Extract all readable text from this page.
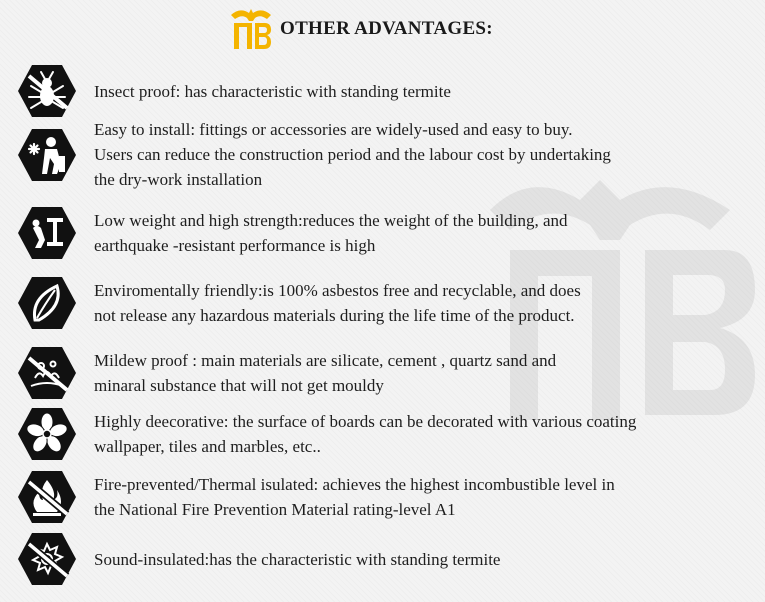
OTHER ADVANTAGES:
Insect proof: has characteristic with standing termite
Easy to install: fittings or accessories are widely-used and easy to buy.
Users can reduce the construction period and the labour cost by undertaking
the dry-work installation
Low weight and high strength:reduces the weight of the building, and
earthquake -resistant performance is high
Enviromentally friendly:is 100% asbestos free and recyclable, and does
not release any hazardous materials during the life time of the product.
Mildew proof : main materials are silicate, cement , quartz sand and
minaral substance that will not get mouldy
Highly deecorative: the surface of boards can be decorated with various coating
wallpaper, tiles and marbles, etc..
Fire-prevented/Thermal isulated: achieves the highest incombustible level in
the National Fire Prevention Material rating-level A1
Sound-insulated:has the characteristic with standing termite
